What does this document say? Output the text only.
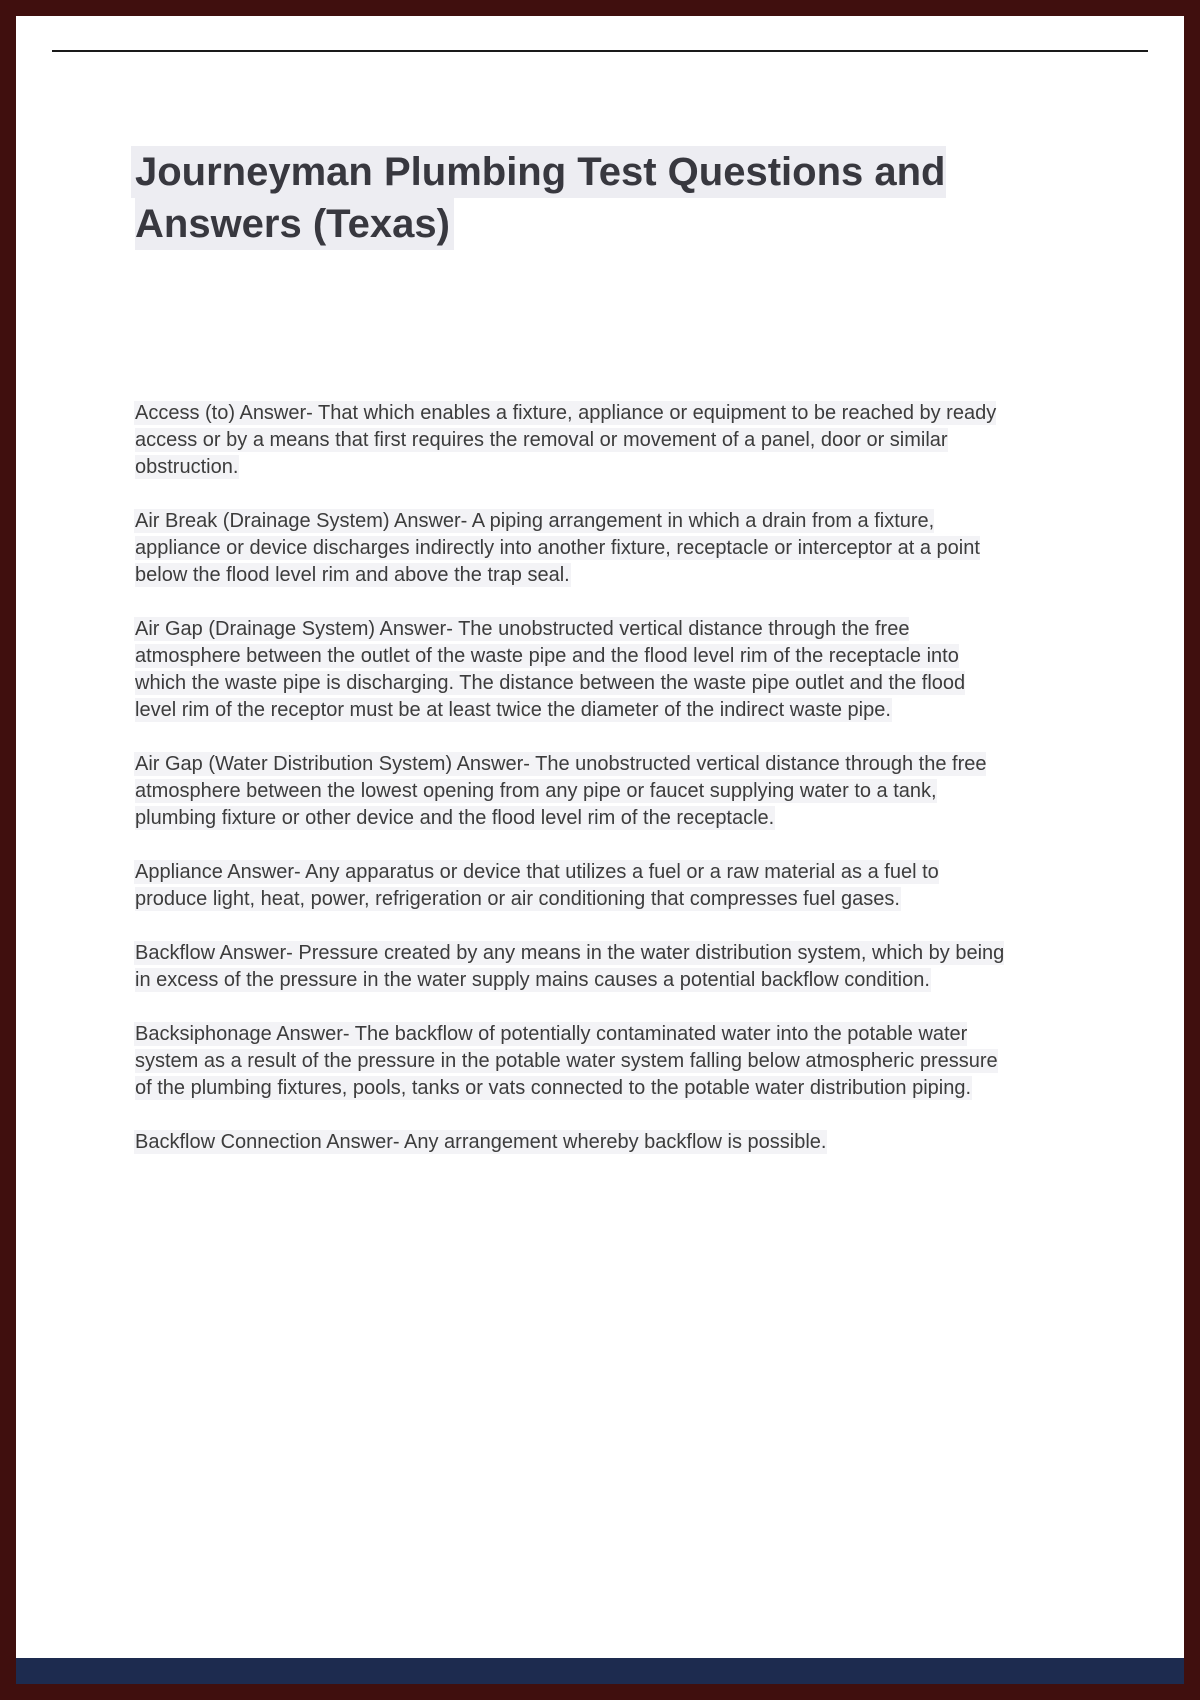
Journeyman Plumbing Test Questions and Answers (Texas)

Access (to) Answer- That which enables a fixture, appliance or equipment to be reached by ready access or by a means that first requires the removal or movement of a panel, door or similar obstruction.

Air Break (Drainage System) Answer- A piping arrangement in which a drain from a fixture, appliance or device discharges indirectly into another fixture, receptacle or interceptor at a point below the flood level rim and above the trap seal.

Air Gap (Drainage System) Answer- The unobstructed vertical distance through the free atmosphere between the outlet of the waste pipe and the flood level rim of the receptacle into which the waste pipe is discharging. The distance between the waste pipe outlet and the flood level rim of the receptor must be at least twice the diameter of the indirect waste pipe.

Air Gap (Water Distribution System) Answer- The unobstructed vertical distance through the free atmosphere between the lowest opening from any pipe or faucet supplying water to a tank, plumbing fixture or other device and the flood level rim of the receptacle.

Appliance Answer- Any apparatus or device that utilizes a fuel or a raw material as a fuel to produce light, heat, power, refrigeration or air conditioning that compresses fuel gases.

Backflow Answer- Pressure created by any means in the water distribution system, which by being in excess of the pressure in the water supply mains causes a potential backflow condition.

Backsiphonage Answer- The backflow of potentially contaminated water into the potable water system as a result of the pressure in the potable water system falling below atmospheric pressure of the plumbing fixtures, pools, tanks or vats connected to the potable water distribution piping.

Backflow Connection Answer- Any arrangement whereby backflow is possible.
